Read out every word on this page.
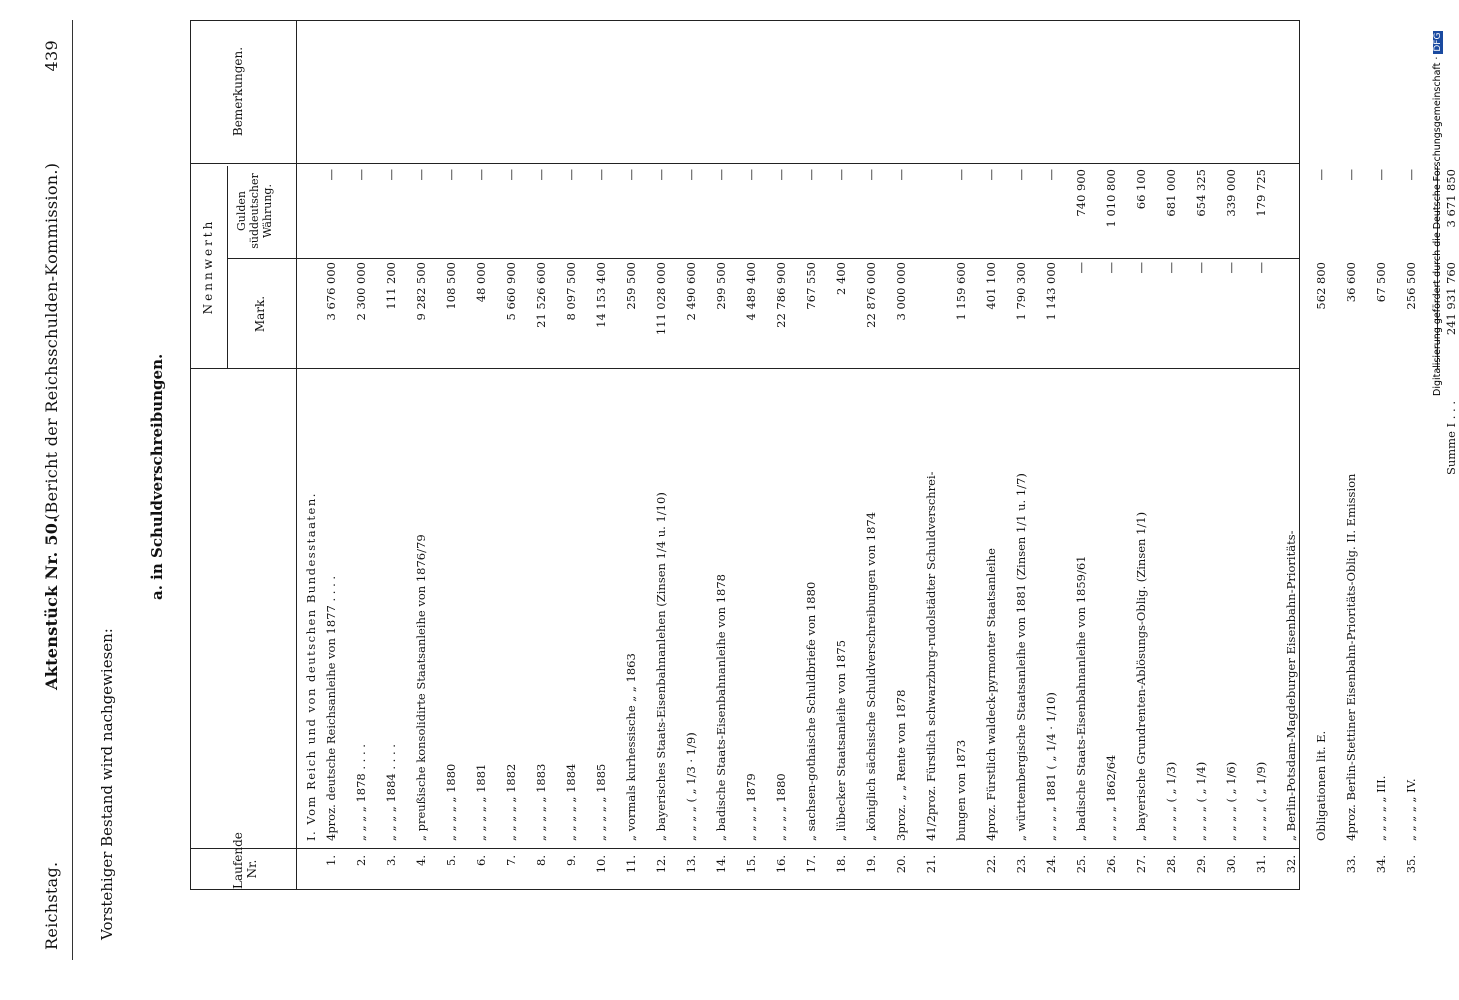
Reichstag.
Aktenstück Nr. 50.
(Bericht der Reichsschulden-Kommission.)
439
Vorstehiger Bestand wird nachgewiesen:
a. in Schuldverschreibungen.
Laufende Nr.
Nennwerth	Mark.
Gulden süddeutscher Währung.
Bemerkungen.
I. Vom Reich und von deutschen Bundesstaaten.
1.
4proz. deutsche Reichsanleihe von 1877 . . . .
3 676 000
—
2.
„ „ „ „ 1878 . . . .
2 300 000
—
3.
„ „ „ „ 1884 . . . .
111 200
—
4.
„ preußische konsolidirte Staatsanleihe von 1876/79
9 282 500
—
5.
„ „ „ „ „ 1880
108 500
—
6.
„ „ „ „ „ 1881
48 000
—
7.
„ „ „ „ „ 1882
5 660 900
—
8.
„ „ „ „ „ 1883
21 526 600
—
9.
„ „ „ „ „ 1884
8 097 500
—
10.
„ „ „ „ „ 1885
14 153 400
—
11.
„ vormals kurhessische „ „ 1863
259 500
—
12.
„ bayerisches Staats-Eisenbahnanlehen (Zinsen 1/4 u. 1/10)
111 028 000
—
13.
„ „ „ „ ( „ 1/3 · 1/9)
2 490 600
—
14.
„ badische Staats-Eisenbahnanleihe von 1878
299 500
—
15.
„ „ „ „ 1879
4 489 400
—
16.
„ „ „ „ 1880
22 786 900
—
17.
„ sachsen-gothaische Schuldbriefe von 1880
767 550
—
18.
„ lübecker Staatsanleihe von 1875
2 400
—
19.
„ königlich sächsische Schuldverschreibungen von 1874
22 876 000
—
20.
3proz. „ „ Rente von 1878
3 000 000
—
21.
41/2proz. Fürstlich schwarzburg-rudolstädter Schuldverschrei- bungen von 1873
1 159 600
—
22.
4proz. Fürstlich waldeck-pyrmonter Staatsanleihe
401 100
—
23.
„ württembergische Staatsanleihe von 1881 (Zinsen 1/1 u. 1/7)
1 790 300
—
24.
„ „ „ „ 1881 ( „ 1/4 · 1/10)
1 143 000
—
25.
„ badische Staats-Eisenbahnanleihe von 1859/61
—
740 900
26.
„ „ „ „ 1862/64
—
1 010 800
27.
„ bayerische Grundrenten-Ablösungs-Oblig. (Zinsen 1/1)
—
66 100
28.
„ „ „ „ ( „ 1/3)
—
681 000
29.
„ „ „ „ ( „ 1/4)
—
654 325
30.
„ „ „ „ ( „ 1/6)
—
339 000
31.
„ „ „ „ ( „ 1/9)
—
179 725
32.
„ Berlin-Potsdam-Magdeburger Eisenbahn-Prioritäts- Obligationen lit. E.
562 800
—
33.
4proz. Berlin-Stettiner Eisenbahn-Prioritäts-Oblig. II. Emission
36 600
—
34.
„ „ „ „ „ III.
67 500
—
35.
„ „ „ „ „ IV.
256 500
—
Summe I . . .
241 931 760
3 671 850
Digitalisierung gefördert durch die Deutsche Forschungsgemeinschaft ·DFG
